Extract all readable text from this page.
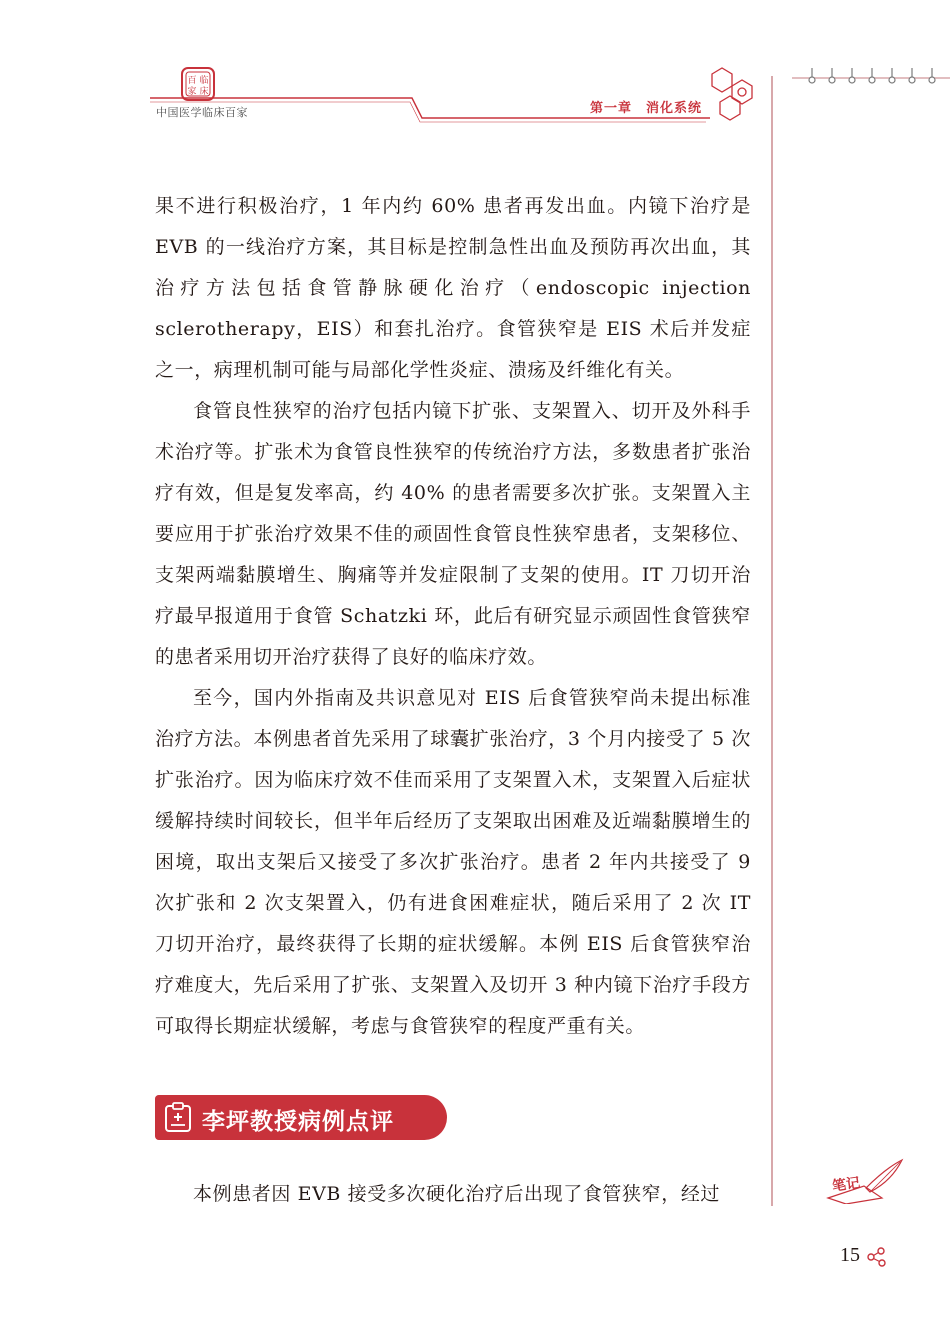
百 临
家 床
中国医学临床百家	第一章　消化系统

果不进行积极治疗，1 年内约 60% 患者再发出血。内镜下治疗是 EVB 的一线治疗方案，其目标是控制急性出血及预防再次出血，其治疗方法包括食管静脉硬化治疗（endoscopic injection sclerotherapy，EIS）和套扎治疗。食管狭窄是 EIS 术后并发症之一，病理机制可能与局部化学性炎症、溃疡及纤维化有关。

食管良性狭窄的治疗包括内镜下扩张、支架置入、切开及外科手术治疗等。扩张术为食管良性狭窄的传统治疗方法，多数患者扩张治疗有效，但是复发率高，约 40% 的患者需要多次扩张。支架置入主要应用于扩张治疗效果不佳的顽固性食管良性狭窄患者，支架移位、支架两端黏膜增生、胸痛等并发症限制了支架的使用。IT 刀切开治疗最早报道用于食管 Schatzki 环，此后有研究显示顽固性食管狭窄的患者采用切开治疗获得了良好的临床疗效。

至今，国内外指南及共识意见对 EIS 后食管狭窄尚未提出标准治疗方法。本例患者首先采用了球囊扩张治疗，3 个月内接受了 5 次扩张治疗。因为临床疗效不佳而采用了支架置入术，支架置入后症状缓解持续时间较长，但半年后经历了支架取出困难及近端黏膜增生的困境，取出支架后又接受了多次扩张治疗。患者 2 年内共接受了 9 次扩张和 2 次支架置入，仍有进食困难症状，随后采用了 2 次 IT 刀切开治疗，最终获得了长期的症状缓解。本例 EIS 后食管狭窄治疗难度大，先后采用了扩张、支架置入及切开 3 种内镜下治疗手段方可取得长期症状缓解，考虑与食管狭窄的程度严重有关。

李坪教授病例点评

本例患者因 EVB 接受多次硬化治疗后出现了食管狭窄，经过	笔记
15
